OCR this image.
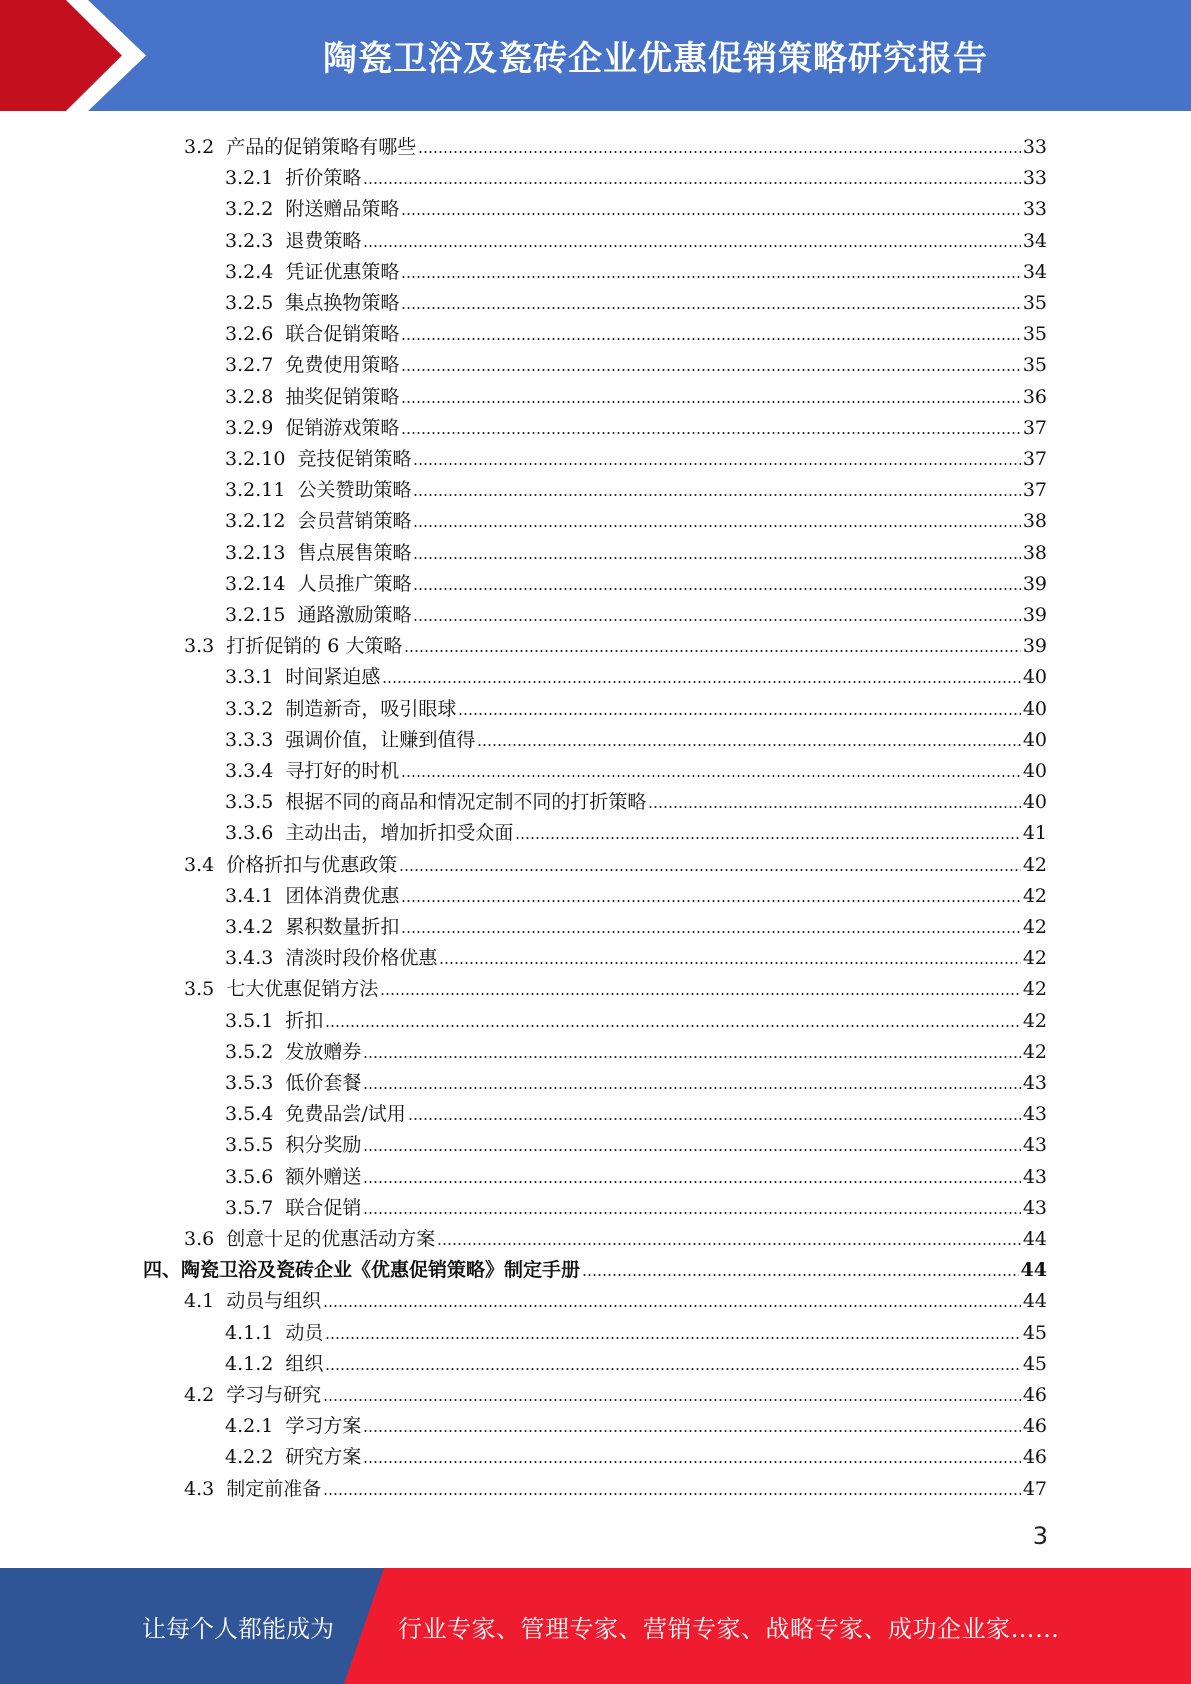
陶瓷卫浴及瓷砖企业优惠促销策略研究报告
3.2 产品的促销策略有哪些	33
3.2.1 折价策略	33
3.2.2 附送赠品策略	33
3.2.3 退费策略	34
3.2.4 凭证优惠策略	34
3.2.5 集点换物策略	35
3.2.6 联合促销策略	35
3.2.7 免费使用策略	35
3.2.8 抽奖促销策略	36
3.2.9 促销游戏策略	37
3.2.10 竞技促销策略	37
3.2.11 公关赞助策略	37
3.2.12 会员营销策略	38
3.2.13 售点展售策略	38
3.2.14 人员推广策略	39
3.2.15 通路激励策略	39
3.3 打折促销的 6 大策略	39
3.3.1 时间紧迫感	40
3.3.2 制造新奇，吸引眼球	40
3.3.3 强调价值，让赚到值得	40
3.3.4 寻打好的时机	40
3.3.5 根据不同的商品和情况定制不同的打折策略	40
3.3.6 主动出击，增加折扣受众面	41
3.4 价格折扣与优惠政策	42
3.4.1 团体消费优惠	42
3.4.2 累积数量折扣	42
3.4.3 清淡时段价格优惠	42
3.5 七大优惠促销方法	42
3.5.1 折扣	42
3.5.2 发放赠券	42
3.5.3 低价套餐	43
3.5.4 免费品尝/试用	43
3.5.5 积分奖励	43
3.5.6 额外赠送	43
3.5.7 联合促销	43
3.6 创意十足的优惠活动方案	44
四、陶瓷卫浴及瓷砖企业《优惠促销策略》制定手册	44
4.1 动员与组织	44
4.1.1 动员	45
4.1.2 组织	45
4.2 学习与研究	46
4.2.1 学习方案	46
4.2.2 研究方案	46
4.3 制定前准备	47
3
让每个人都能成为	行业专家、管理专家、营销专家、战略专家、成功企业家……
